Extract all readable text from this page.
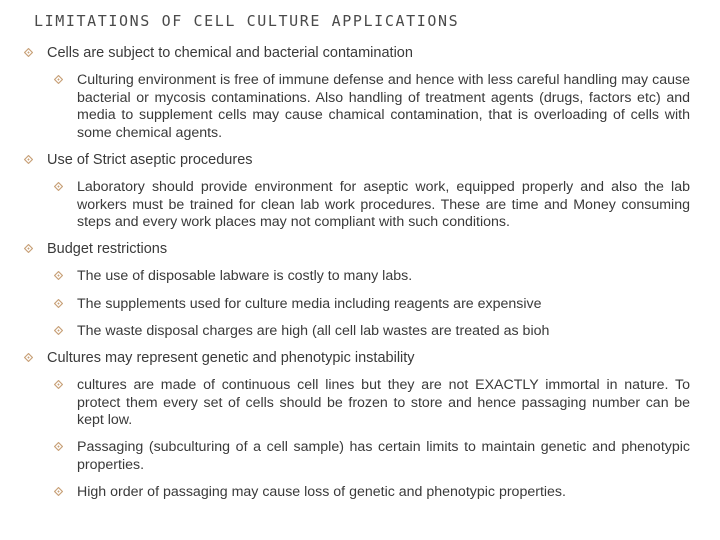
LIMITATIONS OF CELL CULTURE APPLICATIONS
Cells are subject to chemical and bacterial contamination
Culturing environment is free of immune defense and hence with less careful handling may cause bacterial or mycosis contaminations. Also handling of treatment agents (drugs, factors etc) and media to supplement cells may cause chamical contamination, that is overloading of cells with some chemical agents.
Use of Strict aseptic procedures
Laboratory should provide environment for aseptic work, equipped properly and also the lab workers must be trained for clean lab work procedures. These are time and Money consuming steps and every work places may not compliant with such conditions.
Budget restrictions
The use of disposable labware is costly to many labs.
The supplements used for culture media including reagents are expensive
The waste disposal charges are high (all cell lab wastes are treated as bioh
Cultures may represent genetic and phenotypic instability
cultures are made of continuous cell lines but they are not EXACTLY immortal in nature. To protect them every set of cells should be frozen to store and hence passaging number can be kept low.
Passaging (subculturing of a cell sample) has certain limits to maintain genetic and phenotypic properties.
High order of passaging may cause loss of genetic and phenotypic properties.
